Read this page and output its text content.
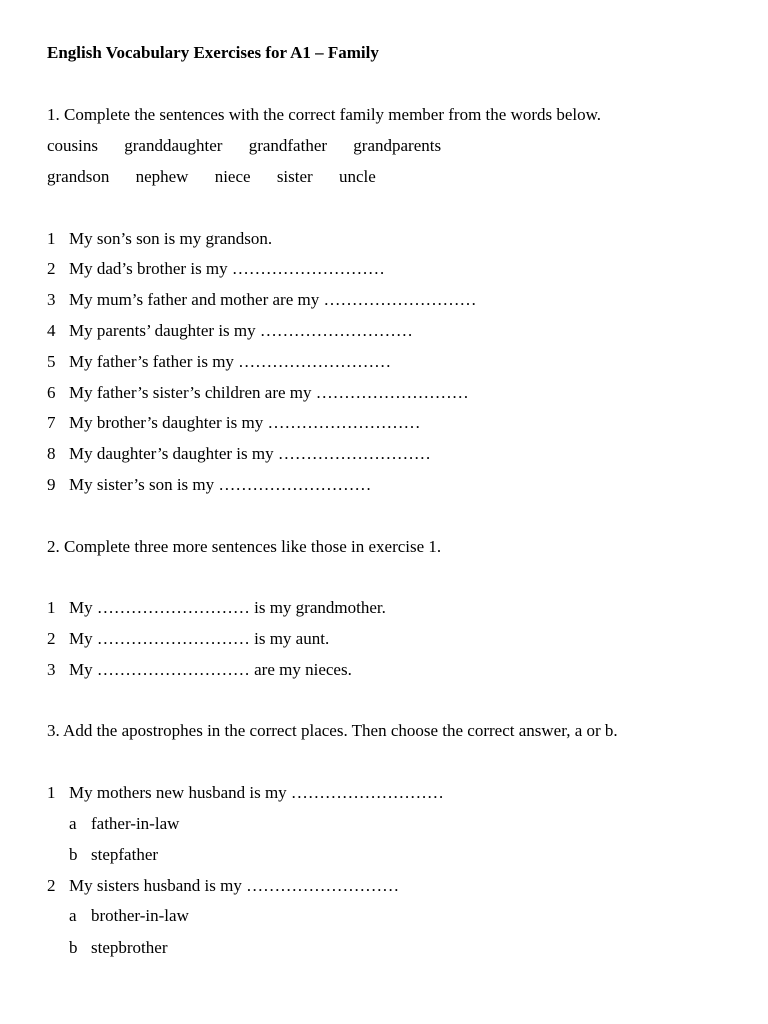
English Vocabulary Exercises for A1 – Family
1. Complete the sentences with the correct family member from the words below.
cousins granddaughter grandfather grandparents
grandson nephew niece sister uncle
1 My son’s son is my grandson.
2 My dad’s brother is my ………………………
3 My mum’s father and mother are my ………………………
4 My parents’ daughter is my ………………………
5 My father’s father is my ………………………
6 My father’s sister’s children are my ………………………
7 My brother’s daughter is my ………………………
8 My daughter’s daughter is my ………………………
9 My sister’s son is my ………………………
2. Complete three more sentences like those in exercise 1.
1 My ……………………… is my grandmother.
2 My ……………………… is my aunt.
3 My ……………………… are my nieces.
3. Add the apostrophes in the correct places. Then choose the correct answer, a or b.
1 My mothers new husband is my ………………………
a father-in-law
b stepfather
2 My sisters husband is my ………………………
a brother-in-law
b stepbrother
